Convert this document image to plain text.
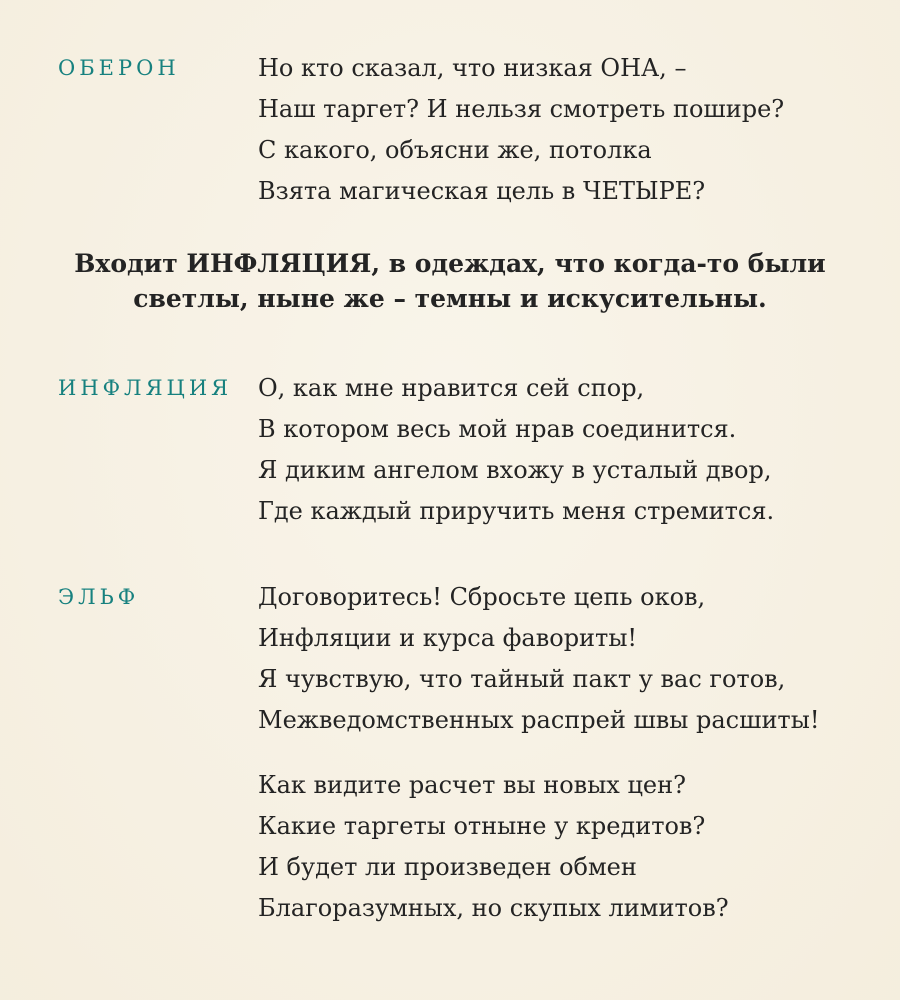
ОБЕРОН	Но кто сказал, что низкая ОНА, –
Наш таргет? И нельзя смотреть пошире?
С какого, объясни же, потолка
Взята магическая цель в ЧЕТЫРЕ?
Входит ИНФЛЯЦИЯ, в одеждах, что когда-то были
светлы, ныне же – темны и искусительны.
ИНФЛЯЦИЯ	О, как мне нравится сей спор,
В котором весь мой нрав соединится.
Я диким ангелом вхожу в усталый двор,
Где каждый приручить меня стремится.
ЭЛЬФ	Договоритесь! Сбросьте цепь оков,
Инфляции и курса фавориты!
Я чувствую, что тайный пакт у вас готов,
Межведомственных распрей швы расшиты!
Как видите расчет вы новых цен?
Какие таргеты отныне у кредитов?
И будет ли произведен обмен
Благоразумных, но скупых лимитов?
